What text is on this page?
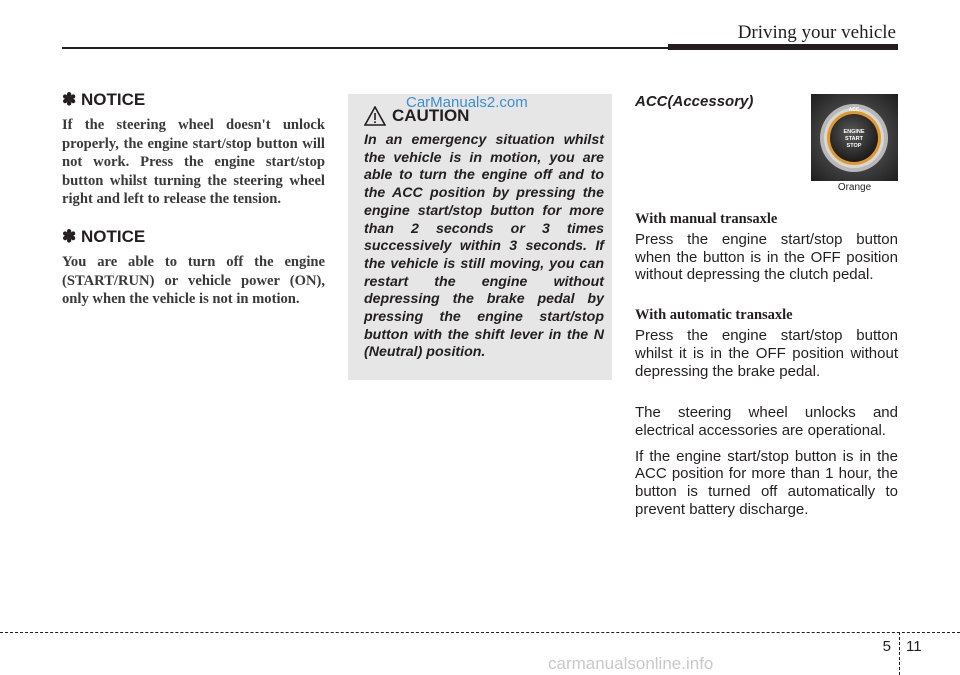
Driving your vehicle
✽ NOTICE
If the steering wheel doesn't unlock properly, the engine start/stop button will not work. Press the engine start/stop button whilst turning the steering wheel right and left to release the tension.
✽ NOTICE
You are able to turn off the engine (START/RUN) or vehicle power (ON), only when the vehicle is not in motion.
CarManuals2.com
CAUTION
In an emergency situation whilst the vehicle is in motion, you are able to turn the engine off and to the ACC position by pressing the engine start/stop button for more than 2 seconds or 3 times successively within 3 seconds. If the vehicle is still moving, you can restart the engine without depressing the brake pedal by pressing the engine start/stop button with the shift lever in the N (Neutral) position.
ACC(Accessory)
With manual transaxle
Press the engine start/stop button when the button is in the OFF position without depressing the clutch pedal.
With automatic transaxle
Press the engine start/stop button whilst it is in the OFF position without depressing the brake pedal.
The steering wheel unlocks and electrical accessories are operational.
If the engine start/stop button is in the ACC position for more than 1 hour, the button is turned off automatically to prevent battery discharge.
ACC
ENGINE
START
STOP
Orange
5 11
carmanualsonline.info
